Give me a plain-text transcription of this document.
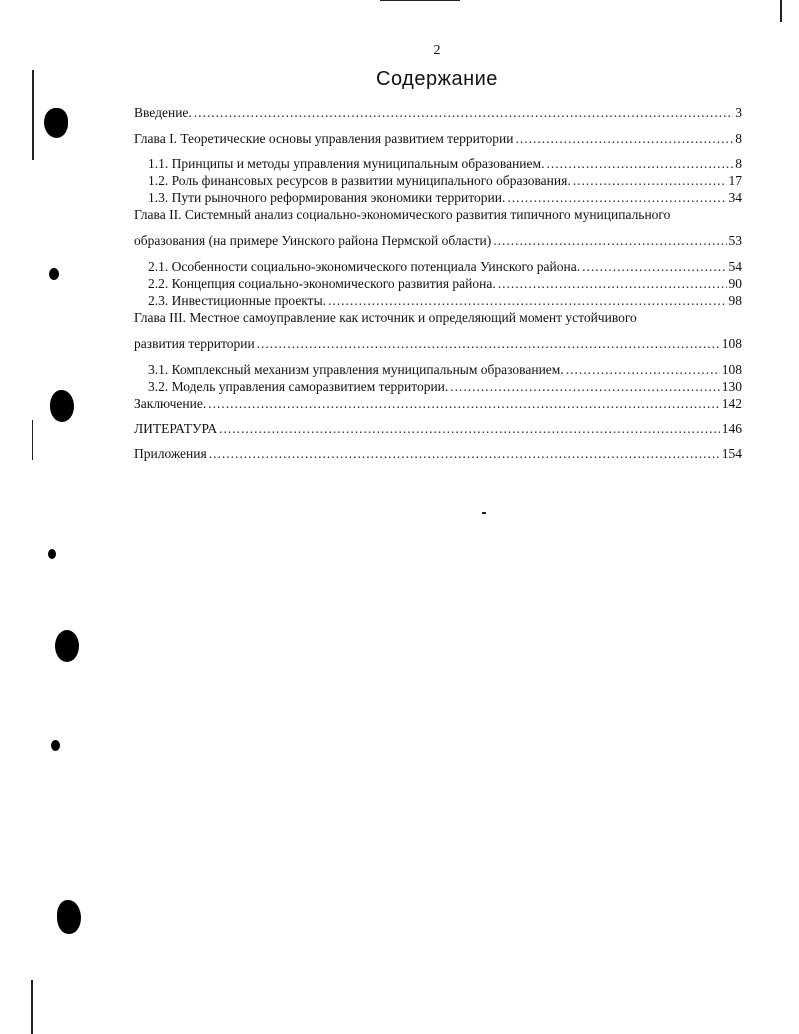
2
Содержание
Введение. .....	3
Глава I. Теоретические основы управления развитием территории .....	8
1.1. Принципы и методы управления муниципальным образованием. .....	8
1.2. Роль финансовых ресурсов в развитии муниципального образования. .....	17
1.3. Пути рыночного реформирования экономики территории. .....	34
Глава II. Системный анализ социально-экономического развития типичного муниципального
образования (на примере Уинского района Пермской области) .....	53
2.1. Особенности социально-экономического потенциала Уинского района. .....	54
2.2. Концепция социально-экономического развития района. .....	90
2.3. Инвестиционные проекты. .....	98
Глава III. Местное самоуправление как источник и определяющий момент устойчивого
развития территории .....	108
3.1. Комплексный механизм управления муниципальным образованием. .....	108
3.2. Модель управления саморазвитием территории. .....	130
Заключение. .....	142
ЛИТЕРАТУРА .....	146
Приложения .....	154
